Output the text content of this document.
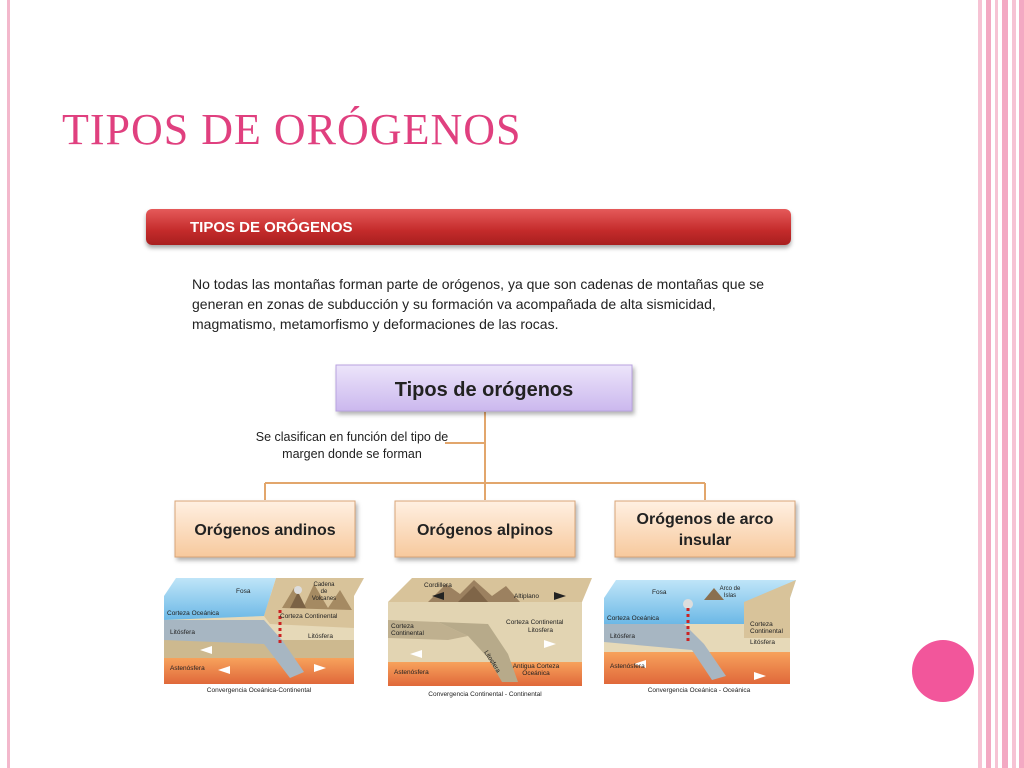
TIPOS DE ORÓGENOS
TIPOS DE ORÓGENOS
No todas las montañas forman parte de orógenos, ya que son cadenas de montañas que se generan en zonas de subducción y su formación va acompañada de alta sismicidad, magmatismo, metamorfismo y deformaciones de las rocas.
Tipos de orógenos
Se clasifican en función del tipo de
margen donde se forman
Orógenos andinos	Orógenos alpinos
Orógenos de arco
insular
Fosa
Cadena
de
Volcanes
Corteza Oceánica	Corteza Continental
Litósfera
Litósfera
Astenósfera
Convergencia Oceánica-Continental
Cordillera
Altiplano
Corteza
Continental
Corteza Continental
Litosfera
Litosfera
Astenósfera
Antigua Corteza
Oceánica
Convergencia Continental - Continental
Fosa	Arco de
Islas
Corteza Oceánica
Corteza
Continental
Litósfera
Litósfera
Astenósfera
Convergencia Oceánica - Oceánica
